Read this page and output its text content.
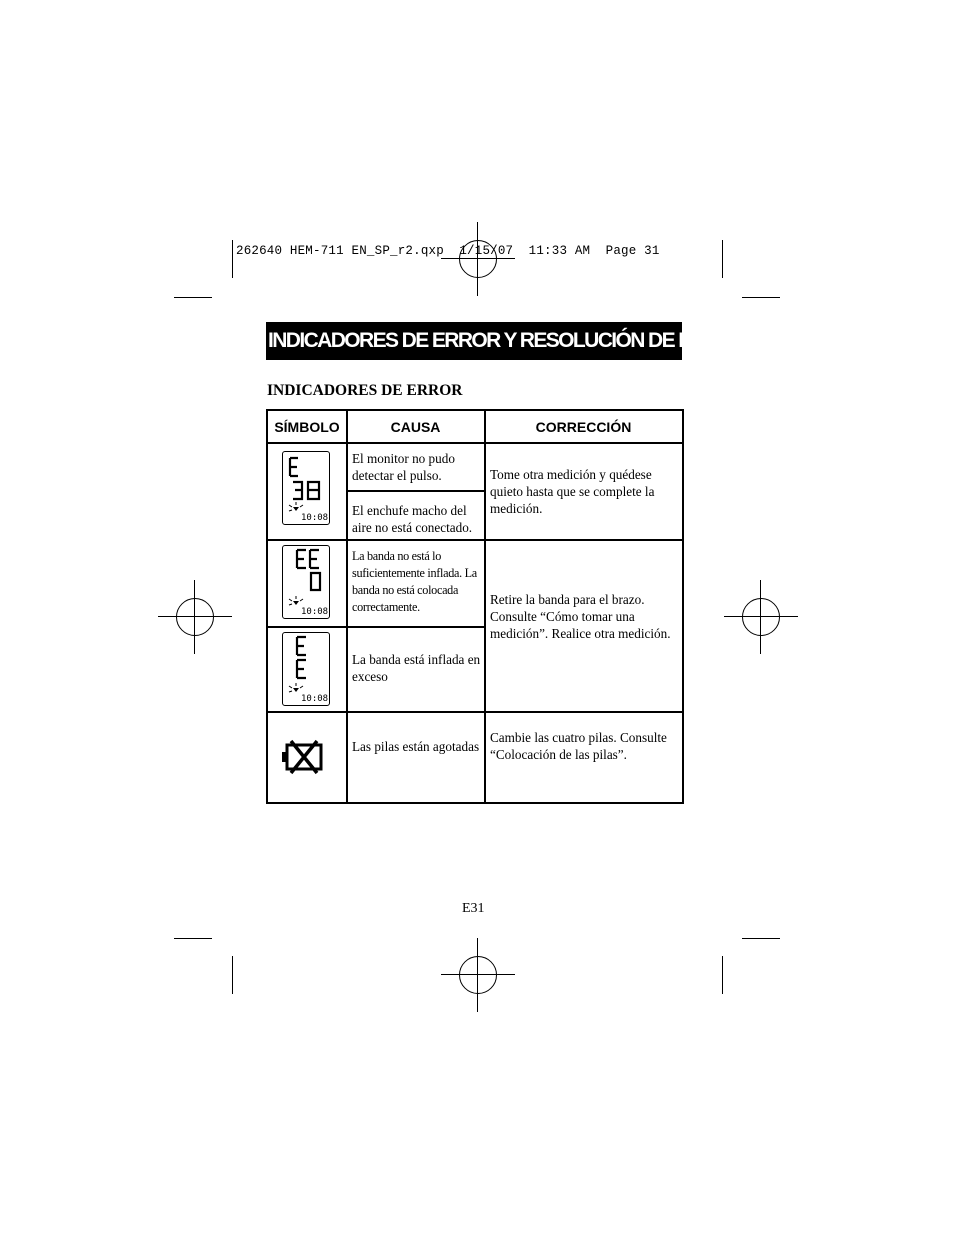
262640 HEM-711 EN_SP_r2.qxp  1/15/07  11:33 AM  Page 31
INDICADORES DE ERROR Y RESOLUCIÓN DE PROBLEMAS
INDICADORES DE ERROR
SÍMBOLO	CAUSA	CORRECCIÓN
10:08
El monitor no pudo detectar el pulso.
El enchufe macho del aire no está conectado.
Tome otra medición y quédese quieto hasta que se complete la medición.
10:08
10:08
La banda no está lo suficientemente inflada. La banda no está colocada correctamente.
La banda está inflada en exceso
Retire la banda para el brazo. Consulte “Cómo tomar una medición”. Realice otra medición.
Las pilas están agotadas
Cambie las cuatro pilas. Consulte “Colocación de las pilas”.
E31
